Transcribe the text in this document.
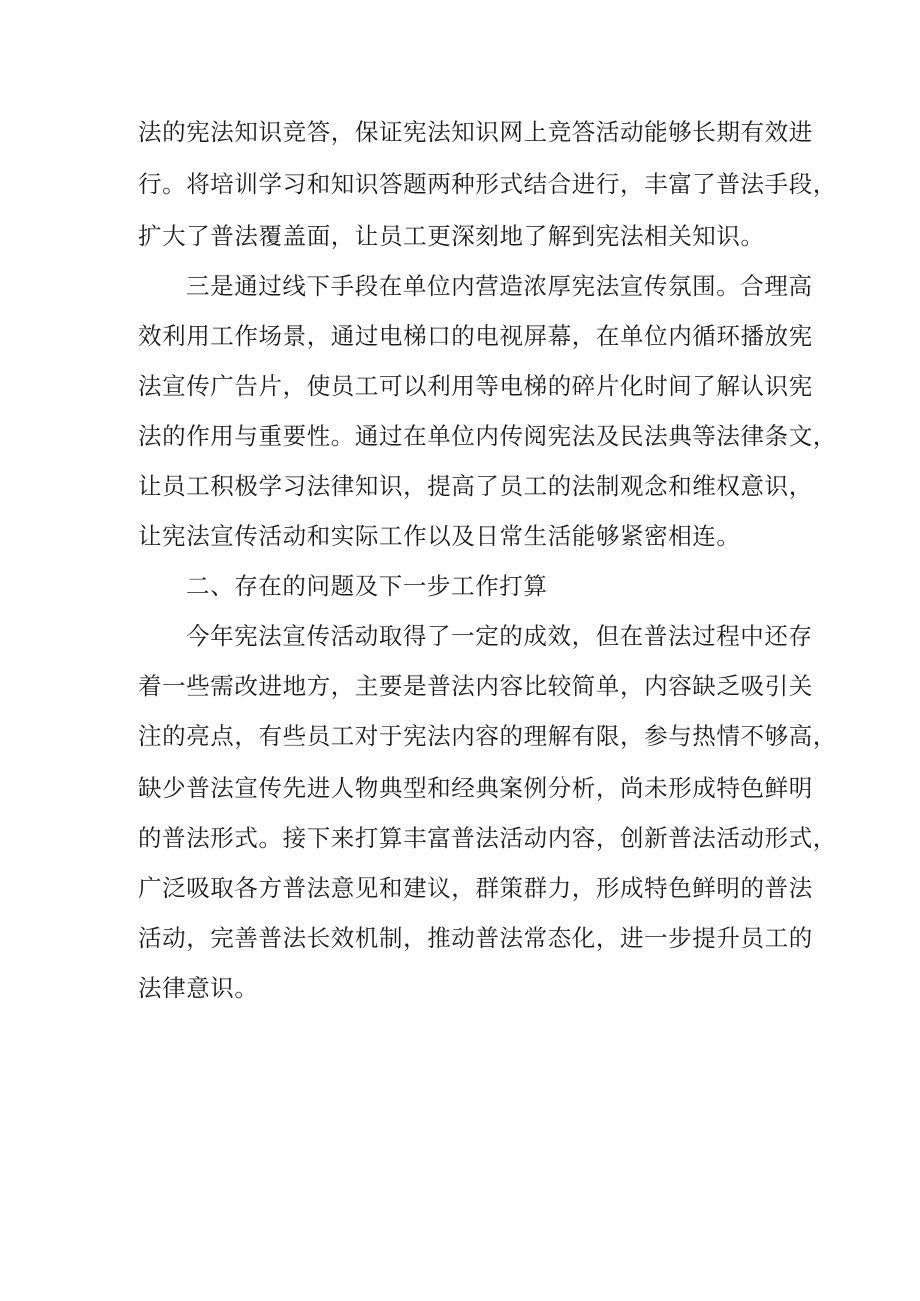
法的宪法知识竞答，保证宪法知识网上竞答活动能够长期有效进
行。将培训学习和知识答题两种形式结合进行，丰富了普法手段，
扩大了普法覆盖面，让员工更深刻地了解到宪法相关知识。
三是通过线下手段在单位内营造浓厚宪法宣传氛围。合理高
效利用工作场景，通过电梯口的电视屏幕，在单位内循环播放宪
法宣传广告片，使员工可以利用等电梯的碎片化时间了解认识宪
法的作用与重要性。通过在单位内传阅宪法及民法典等法律条文，
让员工积极学习法律知识，提高了员工的法制观念和维权意识，
让宪法宣传活动和实际工作以及日常生活能够紧密相连。
二、存在的问题及下一步工作打算
今年宪法宣传活动取得了一定的成效，但在普法过程中还存
着一些需改进地方，主要是普法内容比较简单，内容缺乏吸引关
注的亮点，有些员工对于宪法内容的理解有限，参与热情不够高，
缺少普法宣传先进人物典型和经典案例分析，尚未形成特色鲜明
的普法形式。接下来打算丰富普法活动内容，创新普法活动形式，
广泛吸取各方普法意见和建议，群策群力，形成特色鲜明的普法
活动，完善普法长效机制，推动普法常态化，进一步提升员工的
法律意识。
